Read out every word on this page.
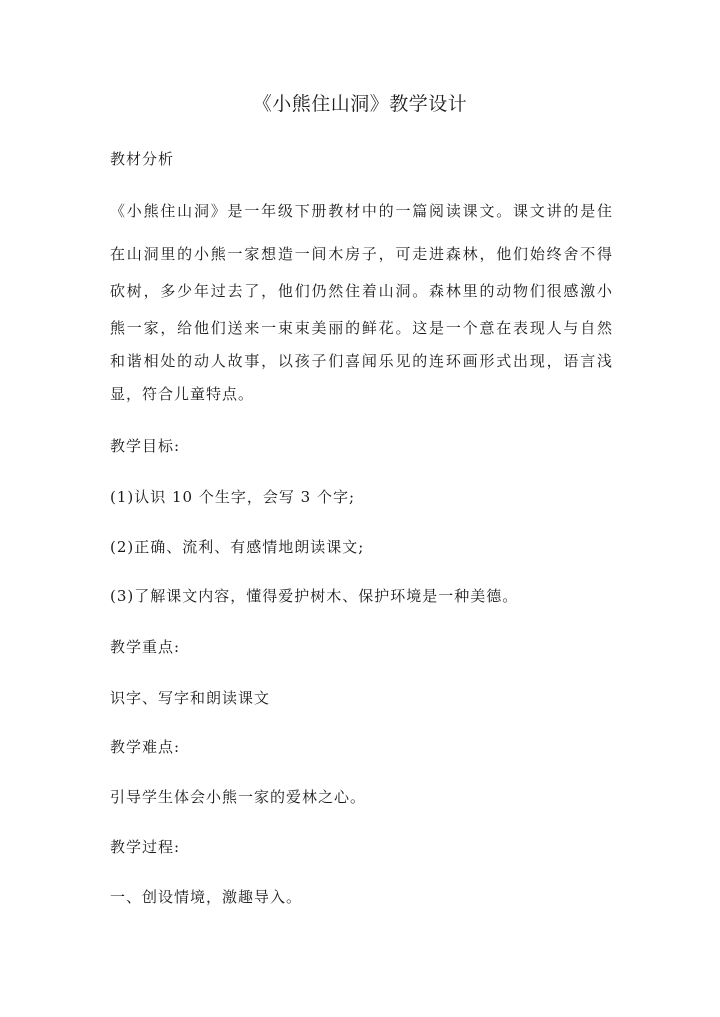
《小熊住山洞》教学设计
教材分析
《小熊住山洞》是一年级下册教材中的一篇阅读课文。课文讲的是住
在山洞里的小熊一家想造一间木房子，可走进森林，他们始终舍不得
砍树，多少年过去了，他们仍然住着山洞。森林里的动物们很感激小
熊一家，给他们送来一束束美丽的鲜花。这是一个意在表现人与自然
和谐相处的动人故事，以孩子们喜闻乐见的连环画形式出现，语言浅
显，符合儿童特点。
教学目标:
(1)认识 10 个生字，会写 3 个字;
(2)正确、流利、有感情地朗读课文;
(3)了解课文内容，懂得爱护树木、保护环境是一种美德。
教学重点:
识字、写字和朗读课文
教学难点:
引导学生体会小熊一家的爱林之心。
教学过程:
一、创设情境，激趣导入。
